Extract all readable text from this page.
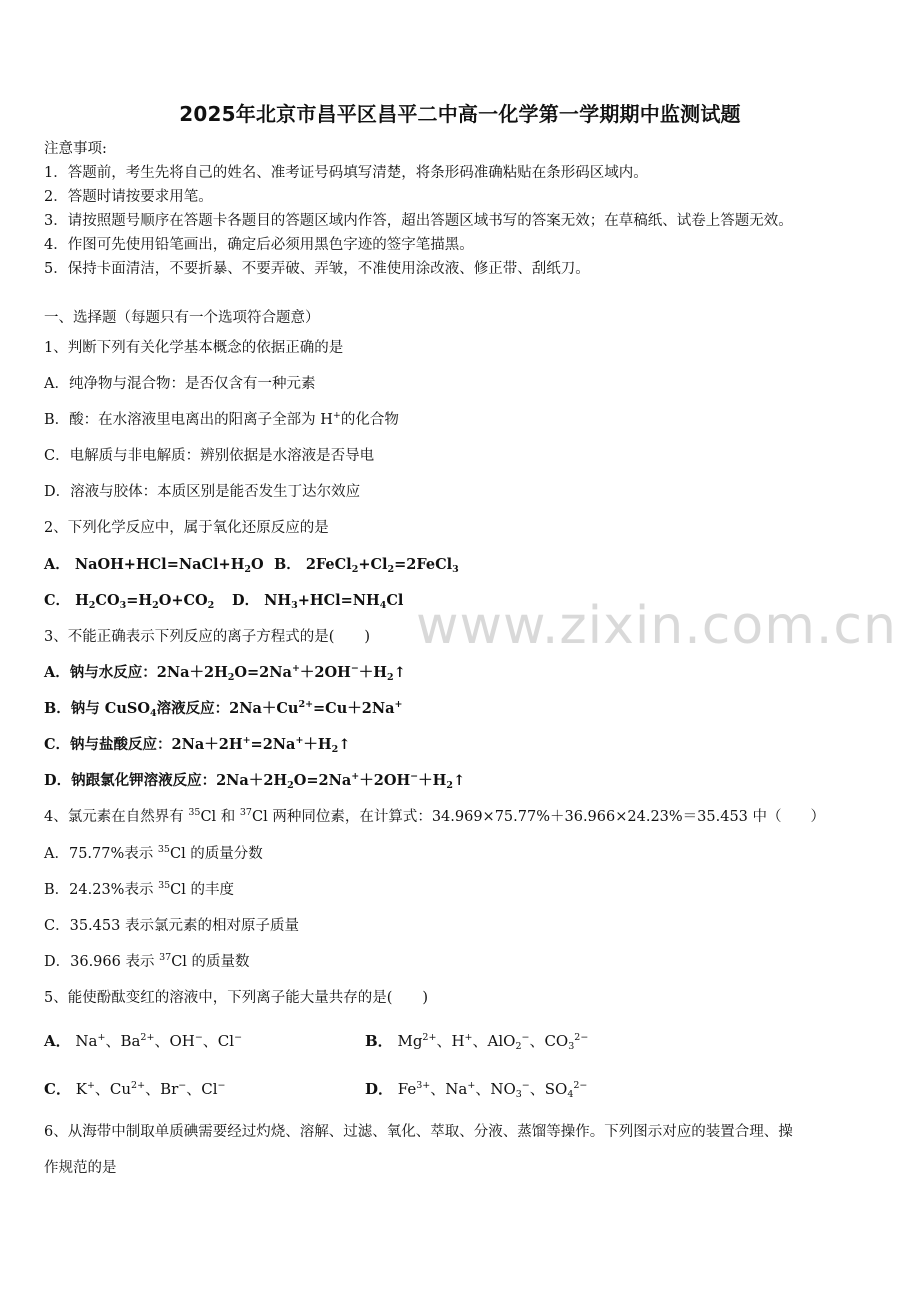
2025年北京市昌平区昌平二中高一化学第一学期期中监测试题
注意事项:
1．答题前，考生先将自己的姓名、准考证号码填写清楚，将条形码准确粘贴在条形码区域内。
2．答题时请按要求用笔。
3．请按照题号顺序在答题卡各题目的答题区域内作答，超出答题区域书写的答案无效；在草稿纸、试卷上答题无效。
4．作图可先使用铅笔画出，确定后必须用黑色字迹的签字笔描黑。
5．保持卡面清洁，不要折暴、不要弄破、弄皱，不准使用涂改液、修正带、刮纸刀。
一、选择题（每题只有一个选项符合题意）
1、判断下列有关化学基本概念的依据正确的是
A．纯净物与混合物：是否仅含有一种元素
B．酸：在水溶液里电离出的阳离子全部为 H+的化合物
C．电解质与非电解质：辨别依据是水溶液是否导电
D．溶液与胶体：本质区别是能否发生丁达尔效应
2、下列化学反应中，属于氧化还原反应的是
A． $NaOH+HCl=NaCl+H_2O$ B． $2FeCl_2+Cl_2=2FeCl_3$
C． $H_2CO_3=H_2O+CO_2$ D． $NH_3+HCl=NH_4Cl$
3、不能正确表示下列反应的离子方程式的是( )
A．钠与水反应：$2Na+2H_2O=2Na^++2OH^-+H_2↑$
B．钠与 CuSO$_4$溶液反应：$2Na+Cu^{2+}=Cu+2Na^+$
C．钠与盐酸反应：$2Na+2H^+=2Na^++H_2↑$
D．钠跟氯化钾溶液反应：$2Na+2H_2O=2Na^++2OH^-+H_2↑$
4、氯元素在自然界有 $^{35}$Cl 和 $^{37}$Cl 两种同位素，在计算式：34.969×75.77%＋36.966×24.23%＝35.453 中（　　）
A．75.77%表示 $^{35}$Cl 的质量分数
B．24.23%表示 $^{35}$Cl 的丰度
C．35.453 表示氯元素的相对原子质量
D．36.966 表示 $^{37}$Cl 的质量数
5、能使酚酞变红的溶液中，下列离子能大量共存的是( )
A． Na+、$Ba^{2+}$、OH−、Cl−	B． $Mg^{2+}$、H+、AlO$_2$−、$CO_3^{2-}$
C． K+、$Cu^{2+}$、Br−、Cl−	D． $Fe^{3+}$、Na+、$NO_3^-$、$SO_4^{2-}$
6、从海带中制取单质碘需要经过灼烧、溶解、过滤、氧化、萃取、分液、蒸馏等操作。下列图示对应的装置合理、操
作规范的是
www.zixin.com.cn
